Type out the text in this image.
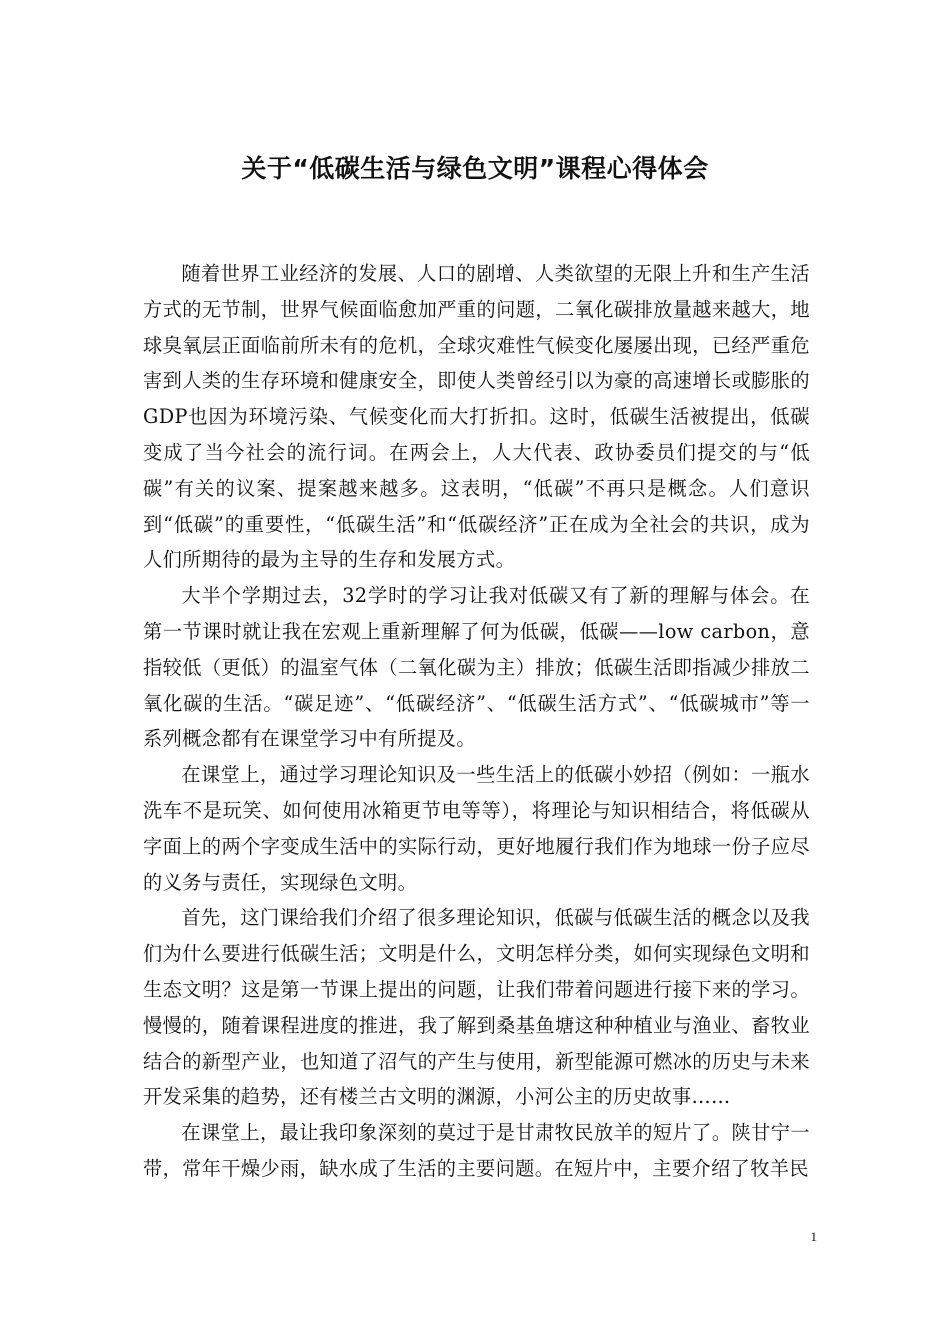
关于“低碳生活与绿色文明”课程心得体会

随着世界工业经济的发展、人口的剧增、人类欲望的无限上升和生产生活方式的无节制，世界气候面临愈加严重的问题，二氧化碳排放量越来越大，地球臭氧层正面临前所未有的危机，全球灾难性气候变化屡屡出现，已经严重危害到人类的生存环境和健康安全，即使人类曾经引以为豪的高速增长或膨胀的GDP也因为环境污染、气候变化而大打折扣。这时，低碳生活被提出，低碳变成了当今社会的流行词。在两会上，人大代表、政协委员们提交的与“低碳”有关的议案、提案越来越多。这表明，“低碳”不再只是概念。人们意识到“低碳”的重要性，“低碳生活”和“低碳经济”正在成为全社会的共识，成为人们所期待的最为主导的生存和发展方式。

大半个学期过去，32学时的学习让我对低碳又有了新的理解与体会。在第一节课时就让我在宏观上重新理解了何为低碳，低碳——low carbon，意指较低（更低）的温室气体（二氧化碳为主）排放；低碳生活即指减少排放二氧化碳的生活。“碳足迹”、“低碳经济”、“低碳生活方式”、“低碳城市”等一系列概念都有在课堂学习中有所提及。

在课堂上，通过学习理论知识及一些生活上的低碳小妙招（例如：一瓶水洗车不是玩笑、如何使用冰箱更节电等等），将理论与知识相结合，将低碳从字面上的两个字变成生活中的实际行动，更好地履行我们作为地球一份子应尽的义务与责任，实现绿色文明。

首先，这门课给我们介绍了很多理论知识，低碳与低碳生活的概念以及我们为什么要进行低碳生活；文明是什么，文明怎样分类，如何实现绿色文明和生态文明？这是第一节课上提出的问题，让我们带着问题进行接下来的学习。慢慢的，随着课程进度的推进，我了解到桑基鱼塘这种种植业与渔业、畜牧业结合的新型产业，也知道了沼气的产生与使用，新型能源可燃冰的历史与未来开发采集的趋势，还有楼兰古文明的渊源，小河公主的历史故事……

在课堂上，最让我印象深刻的莫过于是甘肃牧民放羊的短片了。陕甘宁一带，常年干燥少雨，缺水成了生活的主要问题。在短片中，主要介绍了牧羊民

1
